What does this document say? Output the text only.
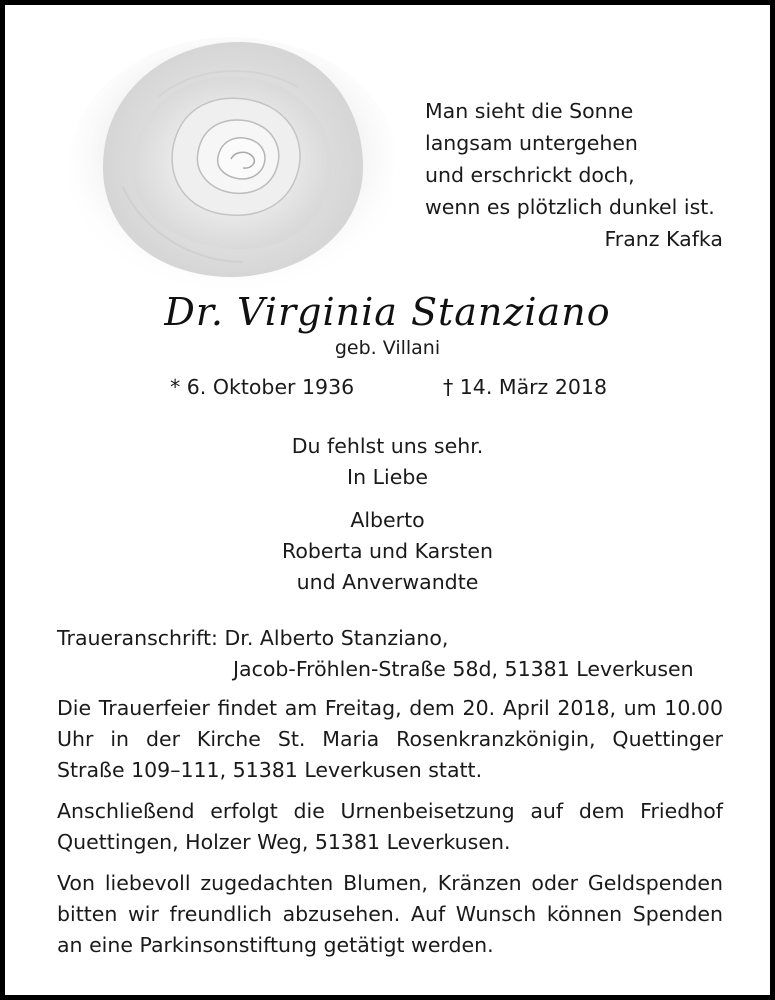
Man sieht die Sonne
langsam untergehen
und erschrickt doch,
wenn es plötzlich dunkel ist.
Franz Kafka
Dr. Virginia Stanziano
geb. Villani
* 6. Oktober 1936	† 14. März 2018
Du fehlst uns sehr.
In Liebe
Alberto
Roberta und Karsten
und Anverwandte
Traueranschrift: Dr. Alberto Stanziano,
Jacob-Fröhlen-Straße 58d, 51381 Leverkusen
Die Trauerfeier findet am Freitag, dem 20. April 2018, um 10.00 Uhr in der Kirche St. Maria Rosenkranzkönigin, Quettinger Straße 109–111, 51381 Leverkusen statt.
Anschließend erfolgt die Urnenbeisetzung auf dem Friedhof Quettingen, Holzer Weg, 51381 Leverkusen.
Von liebevoll zugedachten Blumen, Kränzen oder Geldspenden bitten wir freundlich abzusehen. Auf Wunsch können Spenden an eine Parkinsonstiftung getätigt werden.
